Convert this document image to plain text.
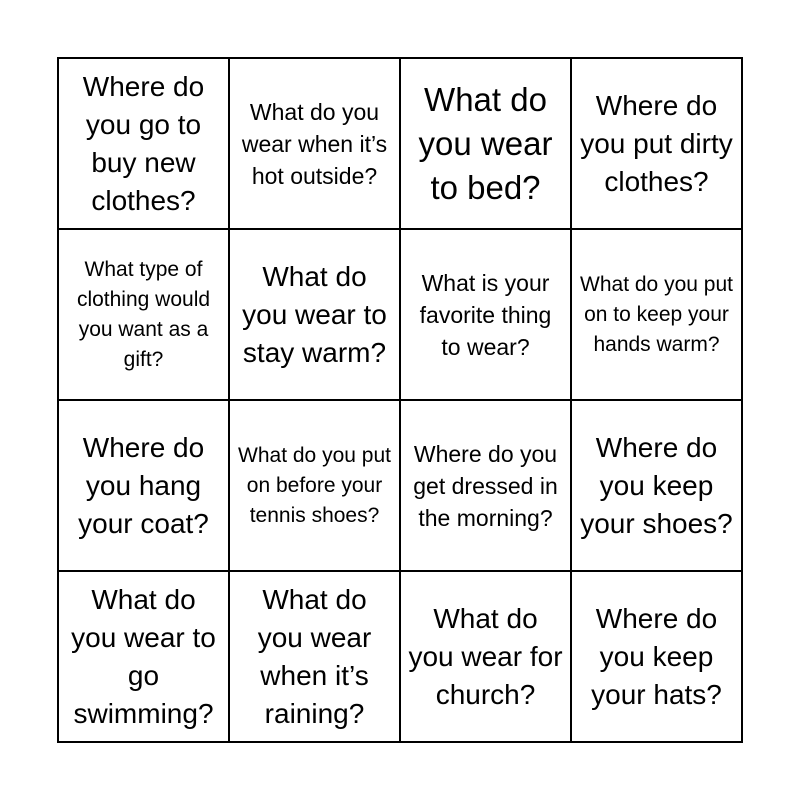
Where do you go to buy new clothes?
What do you wear when it’s hot outside?
What do you wear to bed?
Where do you put dirty clothes?
What type of clothing would you want as a gift?
What do you wear to stay warm?
What is your favorite thing to wear?
What do you put on to keep your hands warm?
Where do you hang your coat?
What do you put on before your tennis shoes?
Where do you get dressed in the morning?
Where do you keep your shoes?
What do you wear to go swimming?
What do you wear when it’s raining?
What do you wear for church?
Where do you keep your hats?
